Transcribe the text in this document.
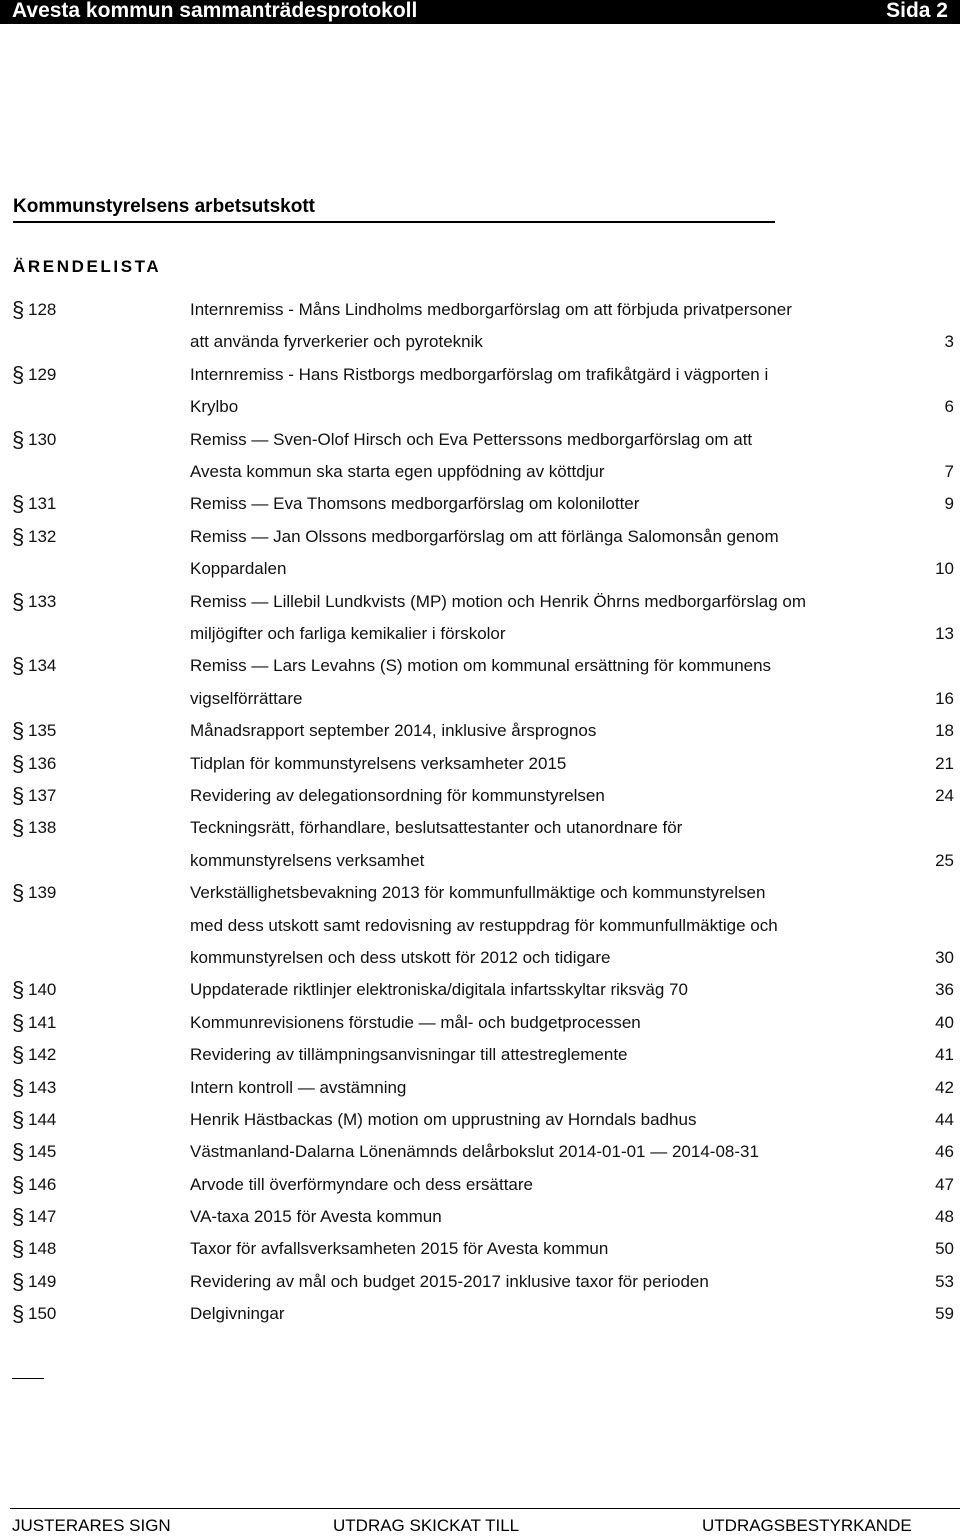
Avesta kommun sammanträdesprotokoll	Sida 2
Kommunstyrelsens arbetsutskott
ÄRENDELISTA
§ 128	Internremiss - Måns Lindholms medborgarförslag om att förbjuda privatpersoner
att använda fyrverkerier och pyroteknik	3
§ 129	Internremiss - Hans Ristborgs medborgarförslag om trafikåtgärd i vägporten i
Krylbo	6
§ 130	Remiss — Sven-Olof Hirsch och Eva Petterssons medborgarförslag om att
Avesta kommun ska starta egen uppfödning av köttdjur	7
§ 131	Remiss — Eva Thomsons medborgarförslag om kolonilotter	9
§ 132	Remiss — Jan Olssons medborgarförslag om att förlänga Salomonsån genom
Koppardalen	10
§ 133	Remiss — Lillebil Lundkvists (MP) motion och Henrik Öhrns medborgarförslag om
miljögifter och farliga kemikalier i förskolor	13
§ 134	Remiss — Lars Levahns (S) motion om kommunal ersättning för kommunens
vigselförrättare	16
§ 135	Månadsrapport september 2014, inklusive årsprognos	18
§ 136	Tidplan för kommunstyrelsens verksamheter 2015	21
§ 137	Revidering av delegationsordning för kommunstyrelsen	24
§ 138	Teckningsrätt, förhandlare, beslutsattestanter och utanordnare för
kommunstyrelsens verksamhet	25
§ 139	Verkställighetsbevakning 2013 för kommunfullmäktige och kommunstyrelsen
med dess utskott samt redovisning av restuppdrag för kommunfullmäktige och
kommunstyrelsen och dess utskott för 2012 och tidigare	30
§ 140	Uppdaterade riktlinjer elektroniska/digitala infartsskyltar riksväg 70	36
§ 141	Kommunrevisionens förstudie — mål- och budgetprocessen	40
§ 142	Revidering av tillämpningsanvisningar till attestreglemente	41
§ 143	Intern kontroll — avstämning	42
§ 144	Henrik Hästbackas (M) motion om upprustning av Horndals badhus	44
§ 145	Västmanland-Dalarna Lönenämnds delårbokslut 2014-01-01 — 2014-08-31	46
§ 146	Arvode till överförmyndare och dess ersättare	47
§ 147	VA-taxa 2015 för Avesta kommun	48
§ 148	Taxor för avfallsverksamheten 2015 för Avesta kommun	50
§ 149	Revidering av mål och budget 2015-2017 inklusive taxor för perioden	53
§ 150	Delgivningar	59
JUSTERARES SIGN	UTDRAG SKICKAT TILL	UTDRAGSBESTYRKANDE
